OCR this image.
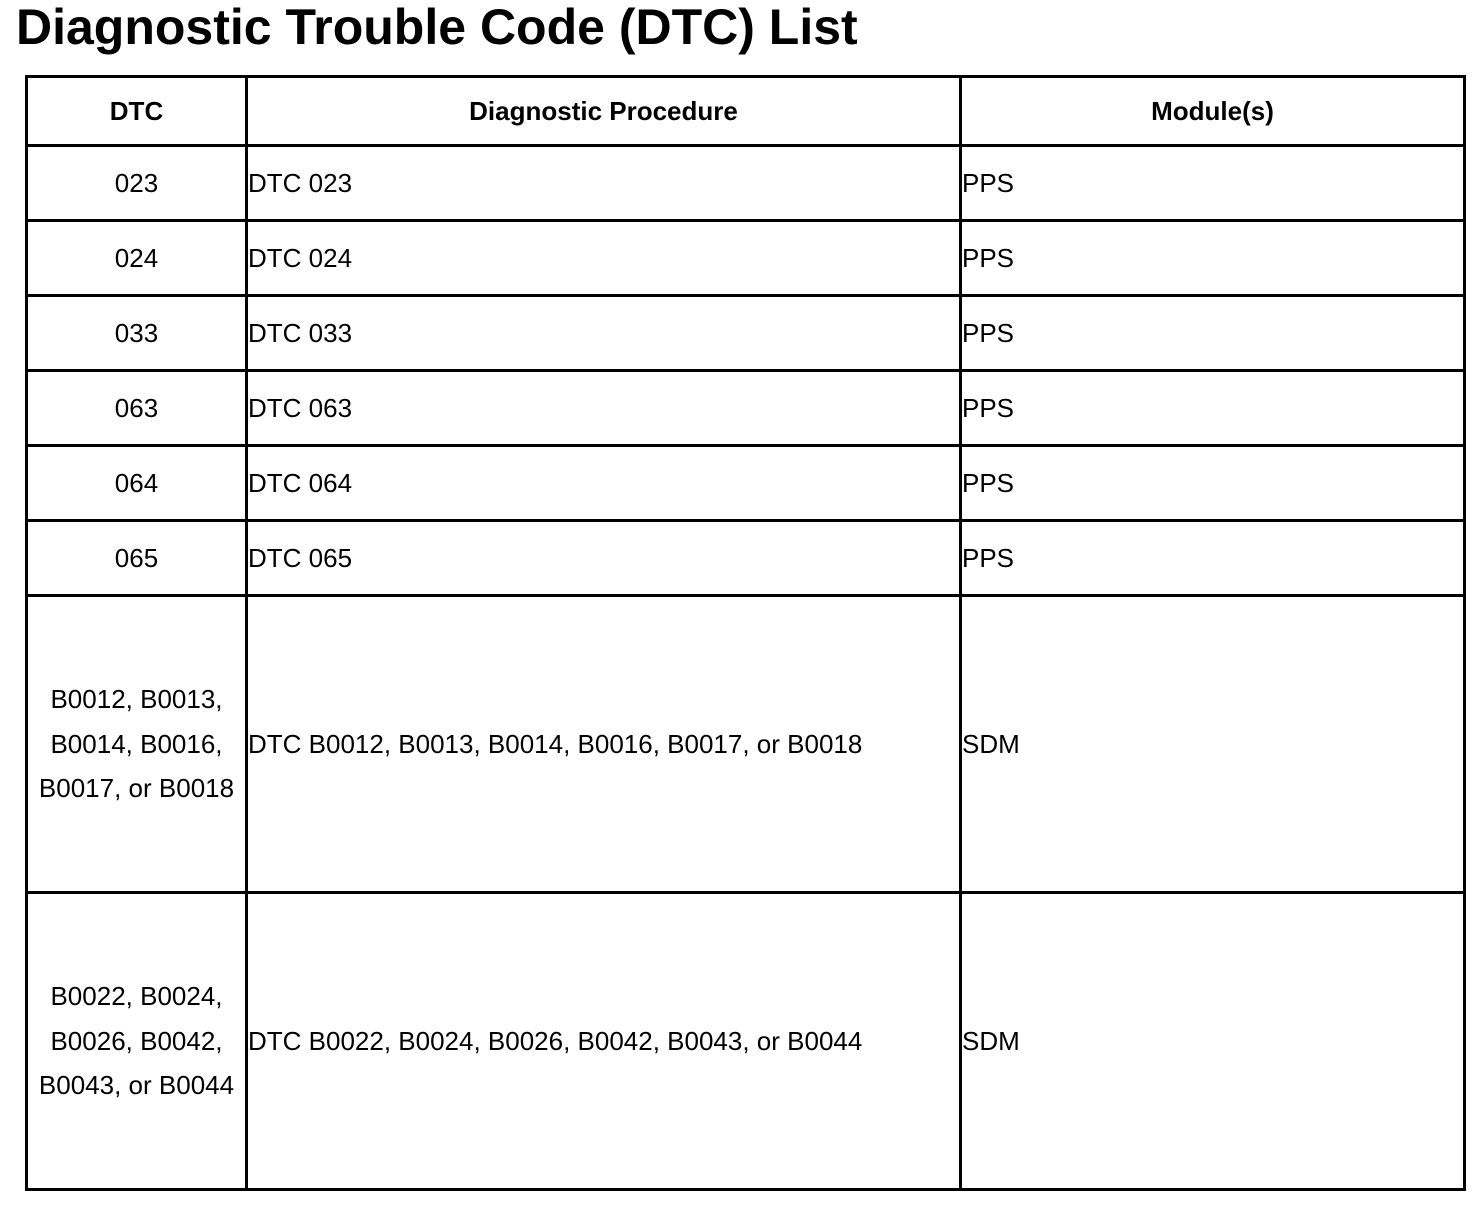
Diagnostic Trouble Code (DTC) List
DTC	Diagnostic Procedure	Module(s)
023	DTC 023	PPS
024	DTC 024	PPS
033	DTC 033	PPS
063	DTC 063	PPS
064	DTC 064	PPS
065	DTC 065	PPS
B0012, B0013, B0014, B0016, B0017, or B0018	DTC B0012, B0013, B0014, B0016, B0017, or B0018	SDM
B0022, B0024, B0026, B0042, B0043, or B0044	DTC B0022, B0024, B0026, B0042, B0043, or B0044	SDM
